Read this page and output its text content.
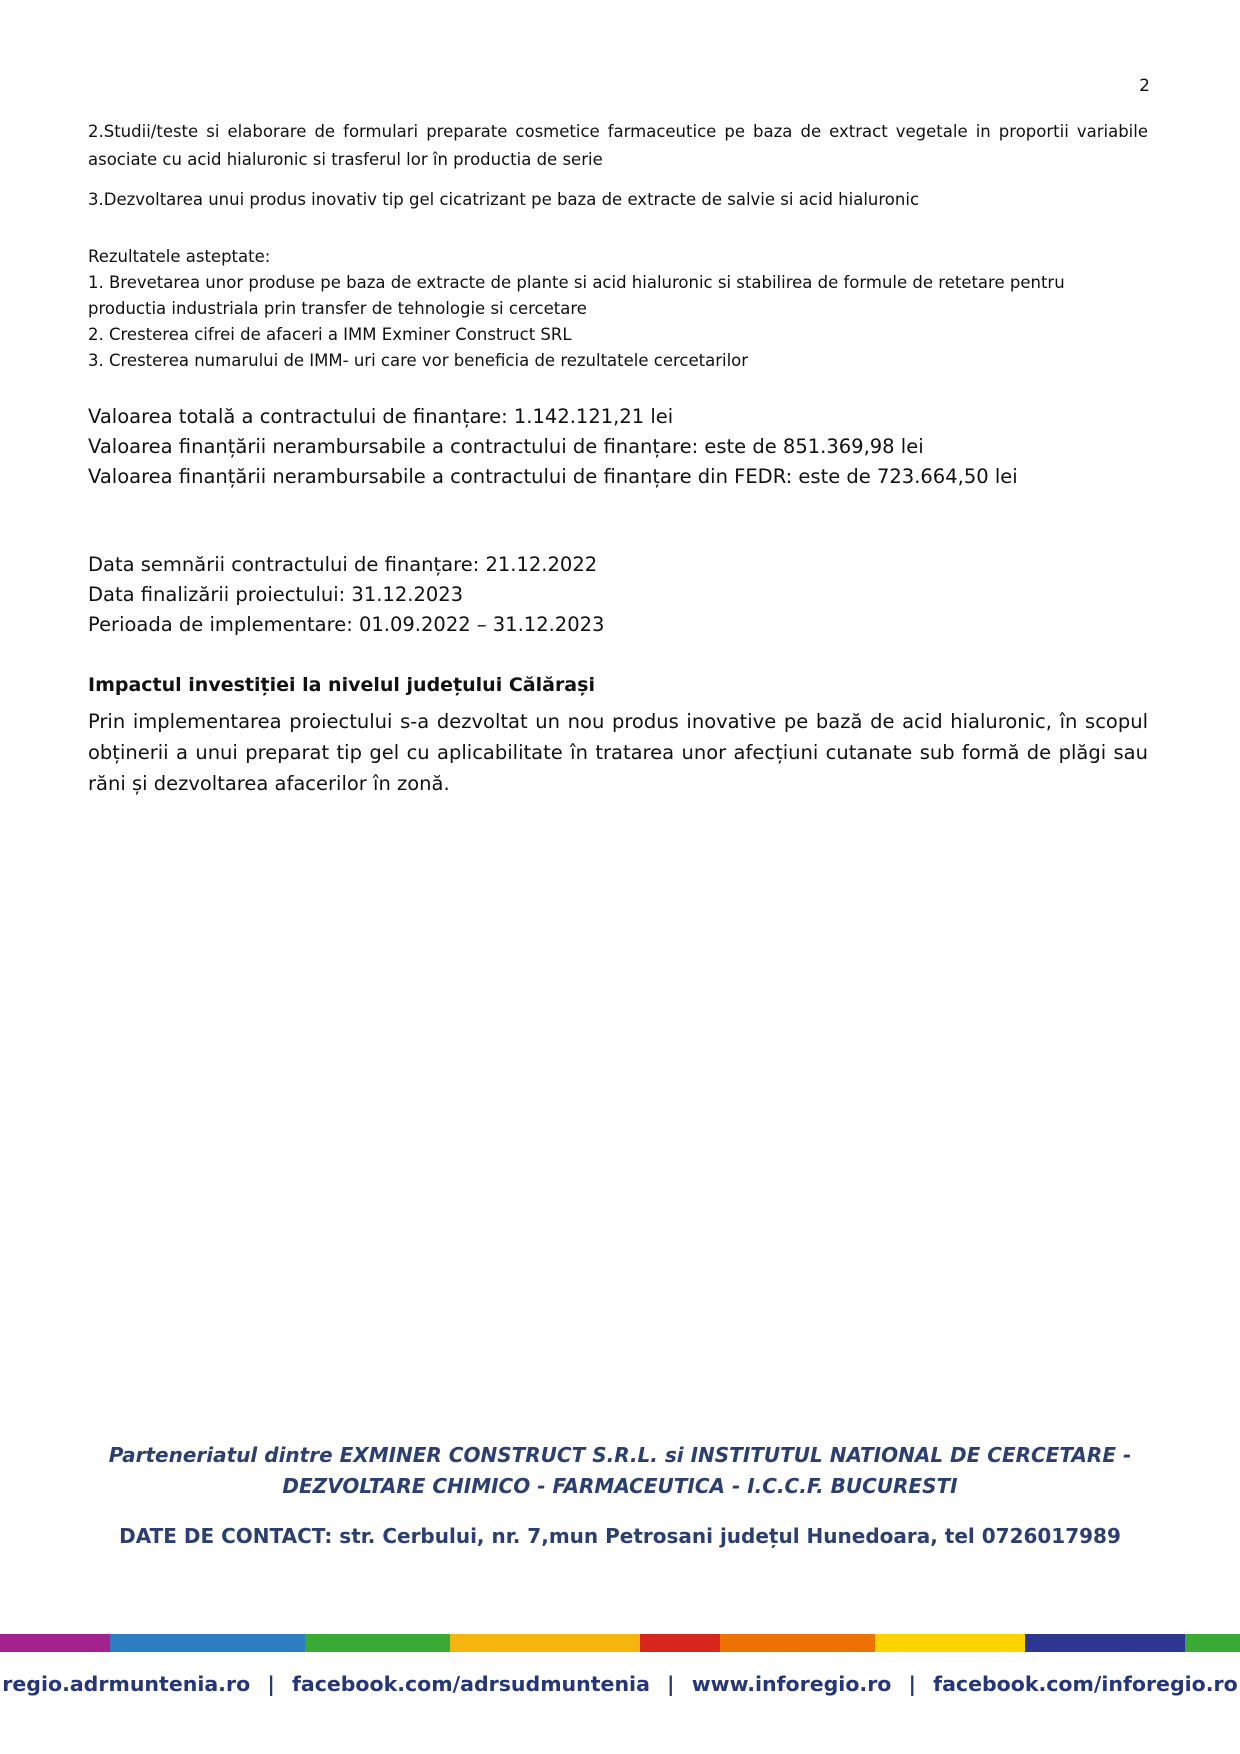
2

2.Studii/teste si elaborare de formulari preparate cosmetice farmaceutice pe baza de extract vegetale in proportii variabile asociate cu acid hialuronic si trasferul lor în productia de serie

3.Dezvoltarea unui produs inovativ tip gel cicatrizant pe baza de extracte de salvie si acid hialuronic

Rezultatele asteptate:

1. Brevetarea unor produse pe baza de extracte de plante si acid hialuronic si stabilirea de formule de retetare pentru productia industriala prin transfer de tehnologie si cercetare

2. Cresterea cifrei de afaceri a IMM Exminer Construct SRL

3. Cresterea numarului de IMM- uri care vor beneficia de rezultatele cercetarilor

Valoarea totală a contractului de finanțare: 1.142.121,21 lei

Valoarea finanțării nerambursabile a contractului de finanțare: este de 851.369,98 lei

Valoarea finanțării nerambursabile a contractului de finanțare din FEDR: este de 723.664,50 lei

Data semnării contractului de finanțare: 21.12.2022

Data finalizării proiectului: 31.12.2023

Perioada de implementare: 01.09.2022 – 31.12.2023

Impactul investiției la nivelul județului Călărași

Prin implementarea proiectului s-a dezvoltat un nou produs inovative pe bază de acid hialuronic, în scopul obținerii a unui preparat tip gel cu aplicabilitate în tratarea unor afecțiuni cutanate sub formă de plăgi sau răni și dezvoltarea afacerilor în zonă.

Parteneriatul dintre EXMINER CONSTRUCT S.R.L. si INSTITUTUL NATIONAL DE CERCETARE -

DEZVOLTARE CHIMICO - FARMACEUTICA - I.C.C.F. BUCURESTI

DATE DE CONTACT: str. Cerbului, nr. 7,mun Petrosani județul Hunedoara, tel 0726017989
regio.adrmuntenia.ro | facebook.com/adrsudmuntenia | www.inforegio.ro | facebook.com/inforegio.ro
